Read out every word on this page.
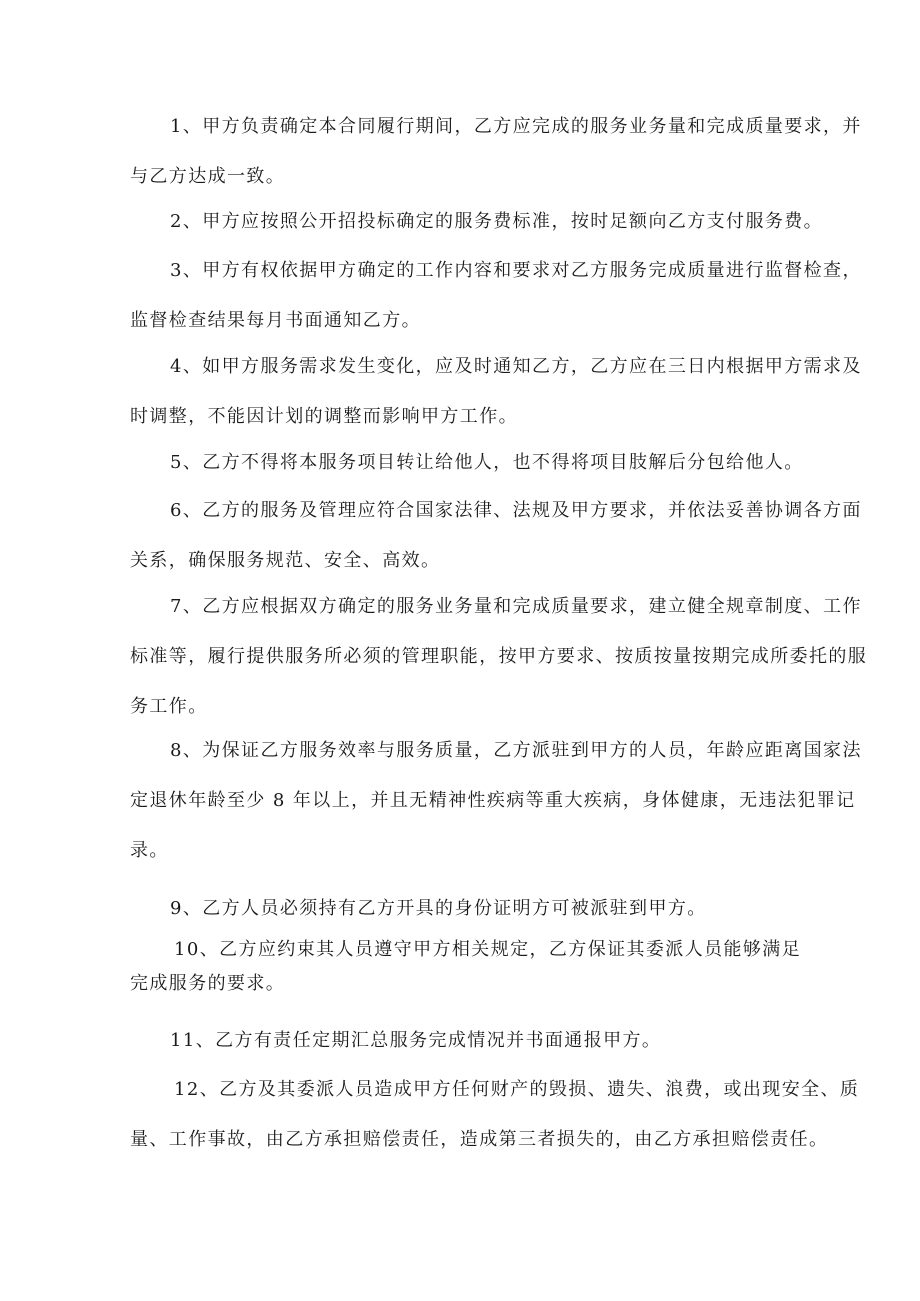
1、甲方负责确定本合同履行期间，乙方应完成的服务业务量和完成质量要求，并
与乙方达成一致。
2、甲方应按照公开招投标确定的服务费标准，按时足额向乙方支付服务费。
3、甲方有权依据甲方确定的工作内容和要求对乙方服务完成质量进行监督检查，
监督检查结果每月书面通知乙方。
4、如甲方服务需求发生变化，应及时通知乙方，乙方应在三日内根据甲方需求及
时调整，不能因计划的调整而影响甲方工作。
5、乙方不得将本服务项目转让给他人，也不得将项目肢解后分包给他人。
6、乙方的服务及管理应符合国家法律、法规及甲方要求，并依法妥善协调各方面
关系，确保服务规范、安全、高效。
7、乙方应根据双方确定的服务业务量和完成质量要求，建立健全规章制度、工作
标准等，履行提供服务所必须的管理职能，按甲方要求、按质按量按期完成所委托的服
务工作。
8、为保证乙方服务效率与服务质量，乙方派驻到甲方的人员，年龄应距离国家法
定退休年龄至少 8 年以上，并且无精神性疾病等重大疾病，身体健康，无违法犯罪记
录。
9、乙方人员必须持有乙方开具的身份证明方可被派驻到甲方。
10、乙方应约束其人员遵守甲方相关规定，乙方保证其委派人员能够满足
完成服务的要求。
11、乙方有责任定期汇总服务完成情况并书面通报甲方。
12、乙方及其委派人员造成甲方任何财产的毁损、遗失、浪费，或出现安全、质
量、工作事故，由乙方承担赔偿责任，造成第三者损失的，由乙方承担赔偿责任。
